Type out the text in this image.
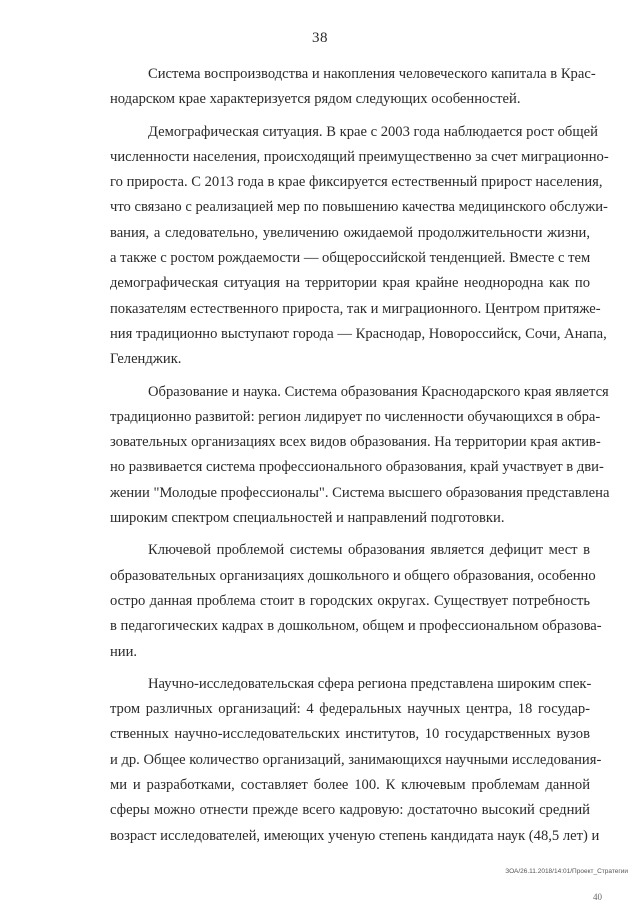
38

Система воспроизводства и накопления человеческого капитала в Крас-
нодарском крае характеризуется рядом следующих особенностей.

Демографическая ситуация. В крае с 2003 года наблюдается рост общей
численности населения, происходящий преимущественно за счет миграционно-
го прироста. С 2013 года в крае фиксируется естественный прирост населения,
что связано с реализацией мер по повышению качества медицинского обслужи-
вания, а следовательно, увеличению ожидаемой продолжительности жизни,
а также с ростом рождаемости — общероссийской тенденцией. Вместе с тем
демографическая ситуация на территории края крайне неоднородна как по
показателям естественного прироста, так и миграционного. Центром притяже-
ния традиционно выступают города — Краснодар, Новороссийск, Сочи, Анапа,
Геленджик.

Образование и наука. Система образования Краснодарского края является
традиционно развитой: регион лидирует по численности обучающихся в обра-
зовательных организациях всех видов образования. На территории края актив-
но развивается система профессионального образования, край участвует в дви-
жении "Молодые профессионалы". Система высшего образования представлена
широким спектром специальностей и направлений подготовки.

Ключевой проблемой системы образования является дефицит мест в
образовательных организациях дошкольного и общего образования, особенно
остро данная проблема стоит в городских округах. Существует потребность
в педагогических кадрах в дошкольном, общем и профессиональном образова-
нии.

Научно-исследовательская сфера региона представлена широким спек-
тром различных организаций: 4 федеральных научных центра, 18 государ-
ственных научно-исследовательских институтов, 10 государственных вузов
и др. Общее количество организаций, занимающихся научными исследования-
ми и разработками, составляет более 100. К ключевым проблемам данной
сферы можно отнести прежде всего кадровую: достаточно высокий средний
возраст исследователей, имеющих ученую степень кандидата наук (48,5 лет) и

ЗОА/26.11.2018/14:01/Проект_Стратегии
40
